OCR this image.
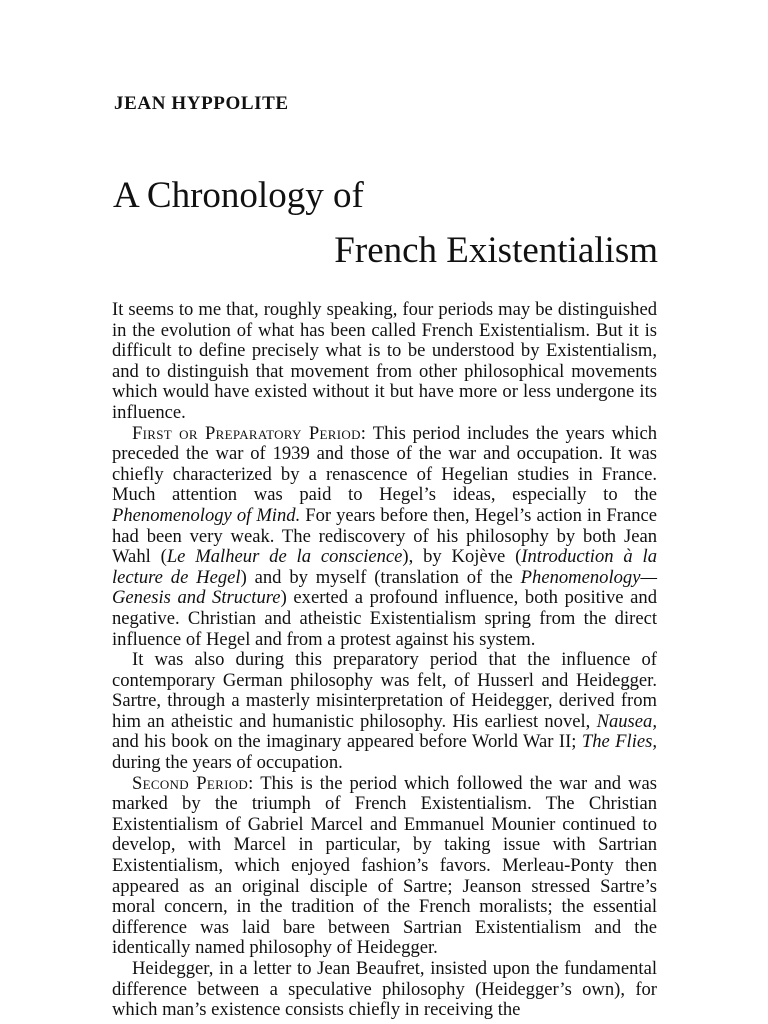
JEAN HYPPOLITE
A Chronology of
French Existentialism

It seems to me that, roughly speaking, four periods may be distinguished in the evolution of what has been called French Existentialism. But it is difficult to define precisely what is to be understood by Existentialism, and to distinguish that movement from other philosophical movements which would have existed without it but have more or less undergone its influence.

First or Preparatory Period: This period includes the years which preceded the war of 1939 and those of the war and occupation. It was chiefly characterized by a renascence of Hegelian studies in France. Much attention was paid to Hegel’s ideas, especially to the Phenomenology of Mind. For years before then, Hegel’s action in France had been very weak. The rediscovery of his philosophy by both Jean Wahl (Le Malheur de la conscience), by Kojève (Introduction à la lecture de Hegel) and by myself (translation of the Phenomenology—Genesis and Structure) exerted a profound influence, both positive and negative. Christian and atheistic Existentialism spring from the direct influence of Hegel and from a protest against his system.

It was also during this preparatory period that the influence of contemporary German philosophy was felt, of Husserl and Heidegger. Sartre, through a masterly misinterpretation of Heidegger, derived from him an atheistic and humanistic philosophy. His earliest novel, Nausea, and his book on the imaginary appeared before World War II; The Flies, during the years of occupation.

Second Period: This is the period which followed the war and was marked by the triumph of French Existentialism. The Christian Existentialism of Gabriel Marcel and Emmanuel Mounier continued to develop, with Marcel in particular, by taking issue with Sartrian Existentialism, which enjoyed fashion’s favors. Merleau-Ponty then appeared as an original disciple of Sartre; Jeanson stressed Sartre’s moral concern, in the tradition of the French moralists; the essential difference was laid bare between Sartrian Existentialism and the identically named philosophy of Heidegger.

Heidegger, in a letter to Jean Beaufret, insisted upon the fundamental difference between a speculative philosophy (Heidegger’s own), for which man’s existence consists chiefly in receiving the
